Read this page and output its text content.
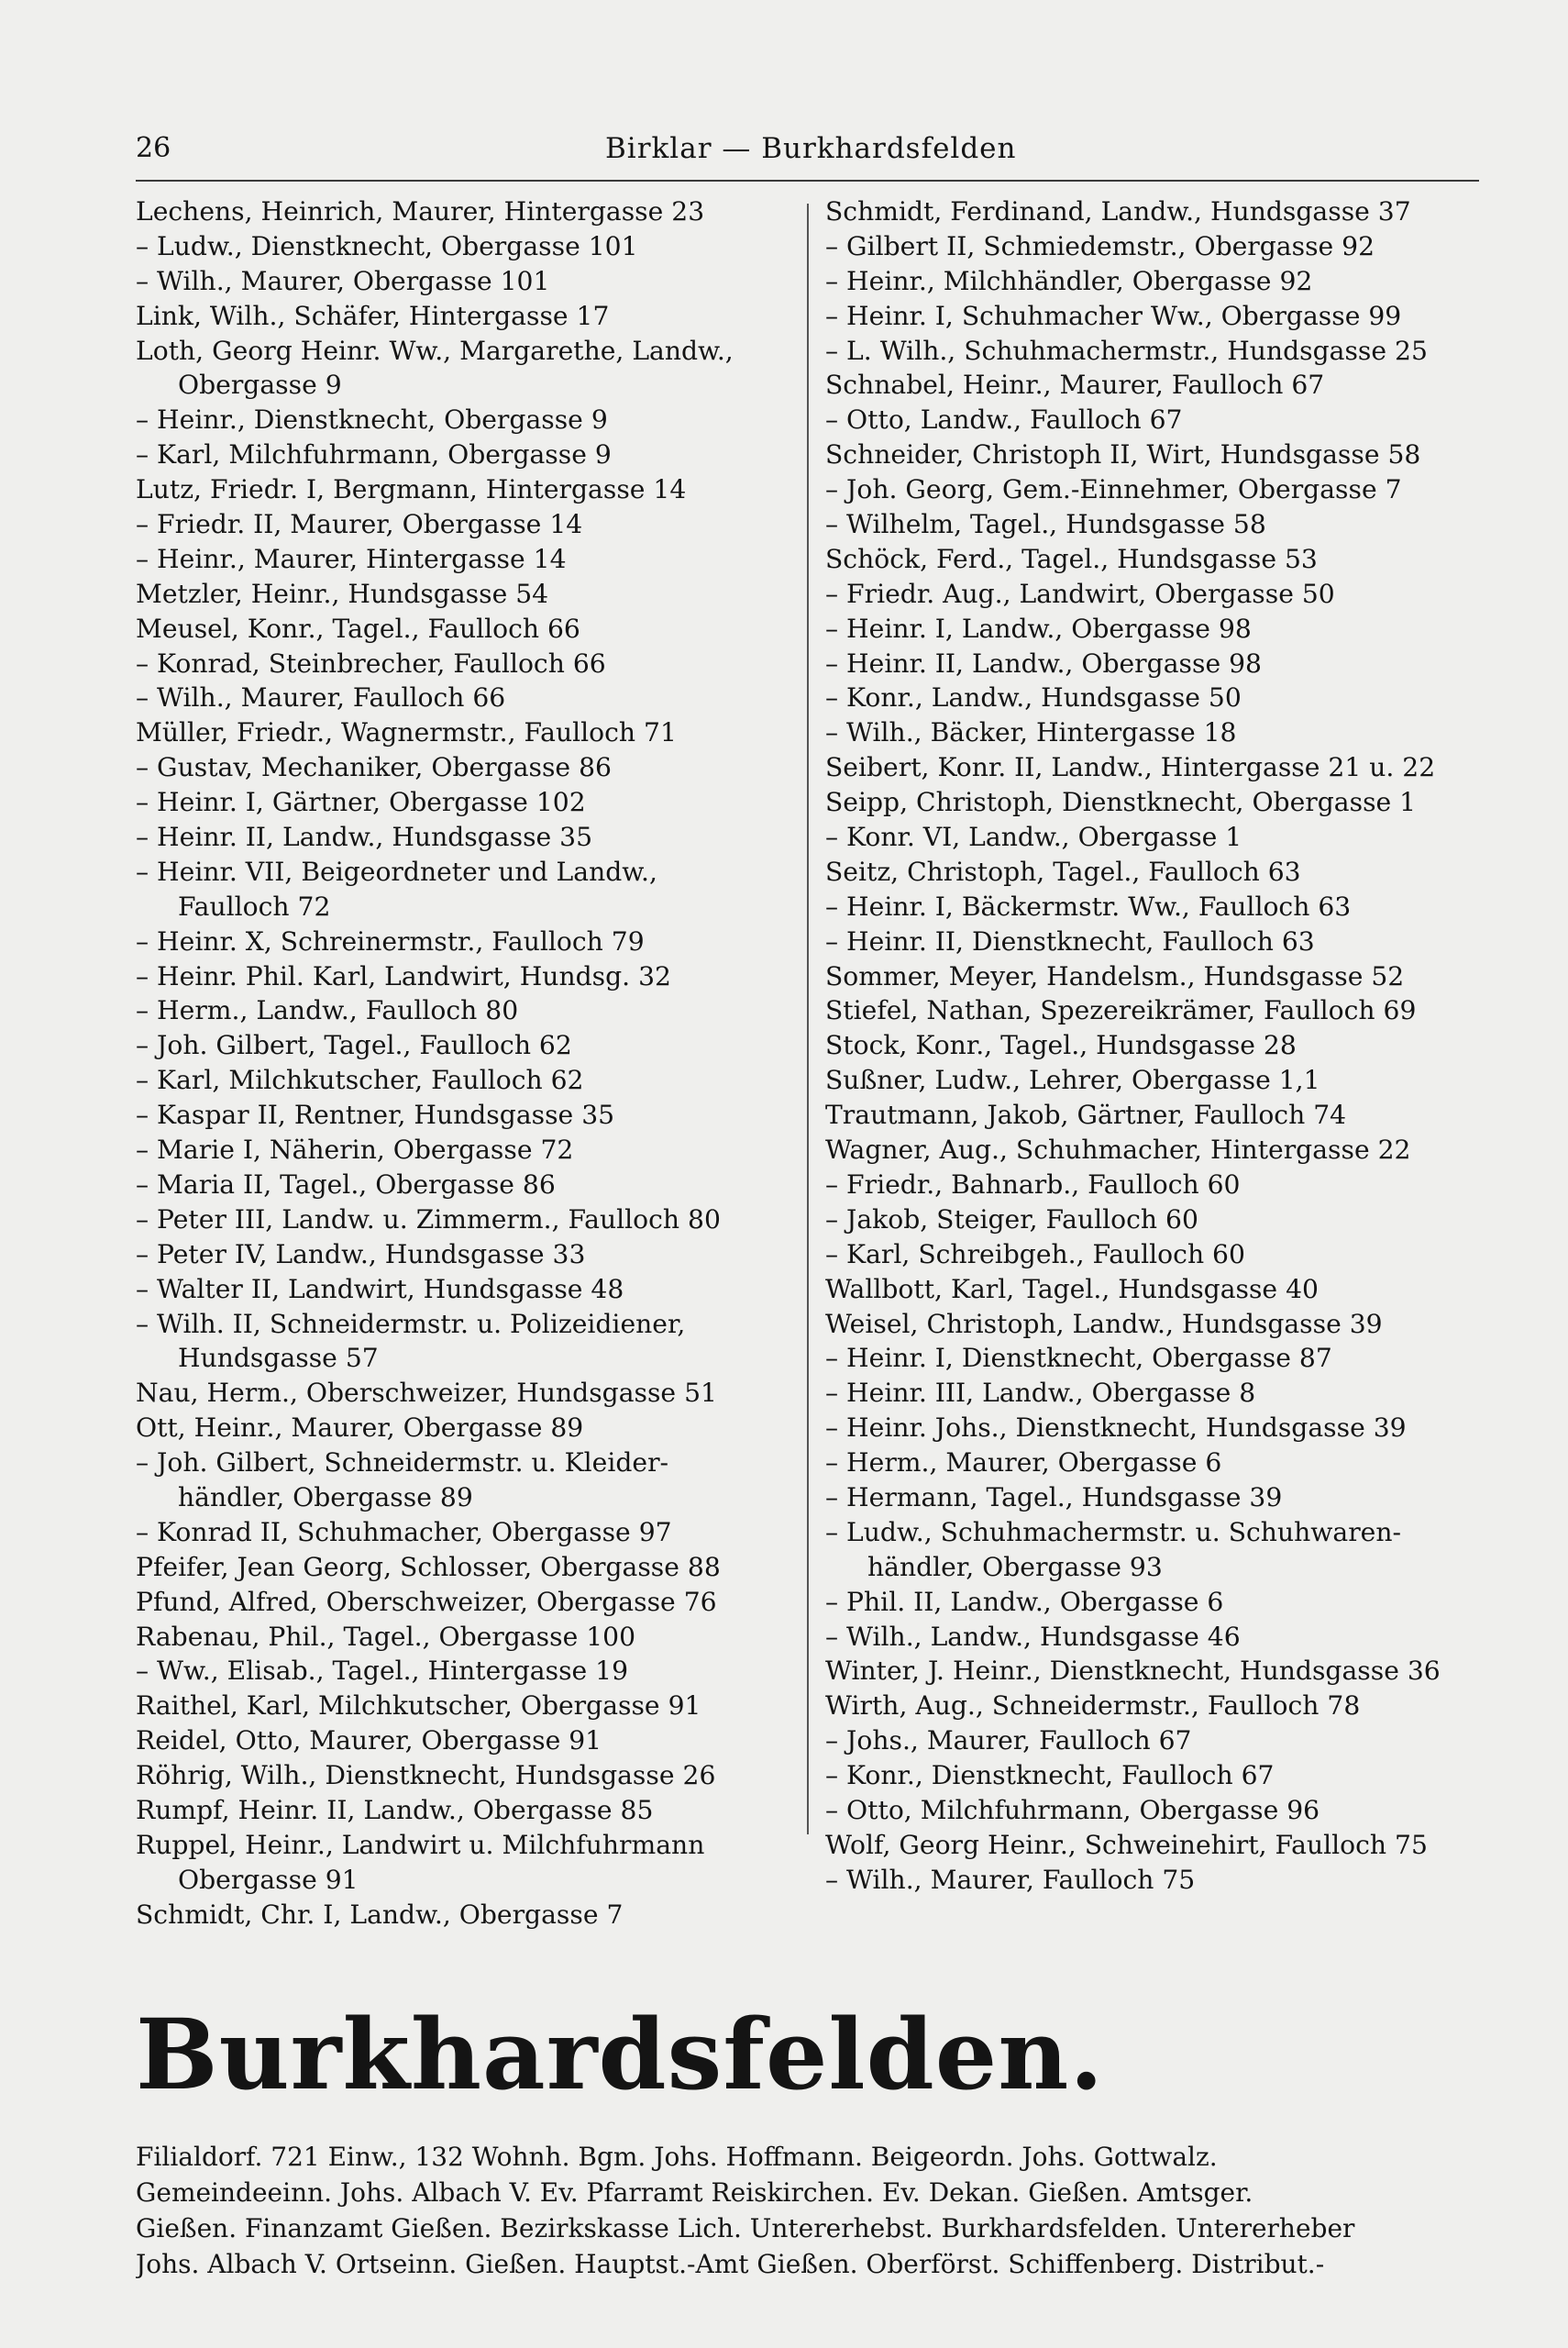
26	Birklar — Burkhardsfelden
Lechens, Heinrich, Maurer, Hintergasse 23
– Ludw., Dienstknecht, Obergasse 101
– Wilh., Maurer, Obergasse 101
Link, Wilh., Schäfer, Hintergasse 17
Loth, Georg Heinr. Ww., Margarethe, Landw.,
Obergasse 9
– Heinr., Dienstknecht, Obergasse 9
– Karl, Milchfuhrmann, Obergasse 9
Lutz, Friedr. I, Bergmann, Hintergasse 14
– Friedr. II, Maurer, Obergasse 14
– Heinr., Maurer, Hintergasse 14
Metzler, Heinr., Hundsgasse 54
Meusel, Konr., Tagel., Faulloch 66
– Konrad, Steinbrecher, Faulloch 66
– Wilh., Maurer, Faulloch 66
Müller, Friedr., Wagnermstr., Faulloch 71
– Gustav, Mechaniker, Obergasse 86
– Heinr. I, Gärtner, Obergasse 102
– Heinr. II, Landw., Hundsgasse 35
– Heinr. VII, Beigeordneter und Landw.,
Faulloch 72
– Heinr. X, Schreinermstr., Faulloch 79
– Heinr. Phil. Karl, Landwirt, Hundsg. 32
– Herm., Landw., Faulloch 80
– Joh. Gilbert, Tagel., Faulloch 62
– Karl, Milchkutscher, Faulloch 62
– Kaspar II, Rentner, Hundsgasse 35
– Marie I, Näherin, Obergasse 72
– Maria II, Tagel., Obergasse 86
– Peter III, Landw. u. Zimmerm., Faulloch 80
– Peter IV, Landw., Hundsgasse 33
– Walter II, Landwirt, Hundsgasse 48
– Wilh. II, Schneidermstr. u. Polizeidiener,
Hundsgasse 57
Nau, Herm., Oberschweizer, Hundsgasse 51
Ott, Heinr., Maurer, Obergasse 89
– Joh. Gilbert, Schneidermstr. u. Kleider-
händler, Obergasse 89
– Konrad II, Schuhmacher, Obergasse 97
Pfeifer, Jean Georg, Schlosser, Obergasse 88
Pfund, Alfred, Oberschweizer, Obergasse 76
Rabenau, Phil., Tagel., Obergasse 100
– Ww., Elisab., Tagel., Hintergasse 19
Raithel, Karl, Milchkutscher, Obergasse 91
Reidel, Otto, Maurer, Obergasse 91
Röhrig, Wilh., Dienstknecht, Hundsgasse 26
Rumpf, Heinr. II, Landw., Obergasse 85
Ruppel, Heinr., Landwirt u. Milchfuhrmann
Obergasse 91
Schmidt, Chr. I, Landw., Obergasse 7
Schmidt, Ferdinand, Landw., Hundsgasse 37
– Gilbert II, Schmiedemstr., Obergasse 92
– Heinr., Milchhändler, Obergasse 92
– Heinr. I, Schuhmacher Ww., Obergasse 99
– L. Wilh., Schuhmachermstr., Hundsgasse 25
Schnabel, Heinr., Maurer, Faulloch 67
– Otto, Landw., Faulloch 67
Schneider, Christoph II, Wirt, Hundsgasse 58
– Joh. Georg, Gem.-Einnehmer, Obergasse 7
– Wilhelm, Tagel., Hundsgasse 58
Schöck, Ferd., Tagel., Hundsgasse 53
– Friedr. Aug., Landwirt, Obergasse 50
– Heinr. I, Landw., Obergasse 98
– Heinr. II, Landw., Obergasse 98
– Konr., Landw., Hundsgasse 50
– Wilh., Bäcker, Hintergasse 18
Seibert, Konr. II, Landw., Hintergasse 21 u. 22
Seipp, Christoph, Dienstknecht, Obergasse 1
– Konr. VI, Landw., Obergasse 1
Seitz, Christoph, Tagel., Faulloch 63
– Heinr. I, Bäckermstr. Ww., Faulloch 63
– Heinr. II, Dienstknecht, Faulloch 63
Sommer, Meyer, Handelsm., Hundsgasse 52
Stiefel, Nathan, Spezereikrämer, Faulloch 69
Stock, Konr., Tagel., Hundsgasse 28
Sußner, Ludw., Lehrer, Obergasse 1,1
Trautmann, Jakob, Gärtner, Faulloch 74
Wagner, Aug., Schuhmacher, Hintergasse 22
– Friedr., Bahnarb., Faulloch 60
– Jakob, Steiger, Faulloch 60
– Karl, Schreibgeh., Faulloch 60
Wallbott, Karl, Tagel., Hundsgasse 40
Weisel, Christoph, Landw., Hundsgasse 39
– Heinr. I, Dienstknecht, Obergasse 87
– Heinr. III, Landw., Obergasse 8
– Heinr. Johs., Dienstknecht, Hundsgasse 39
– Herm., Maurer, Obergasse 6
– Hermann, Tagel., Hundsgasse 39
– Ludw., Schuhmachermstr. u. Schuhwaren-
händler, Obergasse 93
– Phil. II, Landw., Obergasse 6
– Wilh., Landw., Hundsgasse 46
Winter, J. Heinr., Dienstknecht, Hundsgasse 36
Wirth, Aug., Schneidermstr., Faulloch 78
– Johs., Maurer, Faulloch 67
– Konr., Dienstknecht, Faulloch 67
– Otto, Milchfuhrmann, Obergasse 96
Wolf, Georg Heinr., Schweinehirt, Faulloch 75
– Wilh., Maurer, Faulloch 75
Burkhardsfelden.
Filialdorf. 721 Einw., 132 Wohnh. Bgm. Johs. Hoffmann. Beigeordn. Johs. Gottwalz.
Gemeindeeinn. Johs. Albach V. Ev. Pfarramt Reiskirchen. Ev. Dekan. Gießen. Amtsger.
Gießen. Finanzamt Gießen. Bezirkskasse Lich. Untererhebst. Burkhardsfelden. Untererheber
Johs. Albach V. Ortseinn. Gießen. Hauptst.-Amt Gießen. Oberförst. Schiffenberg. Distribut.-
